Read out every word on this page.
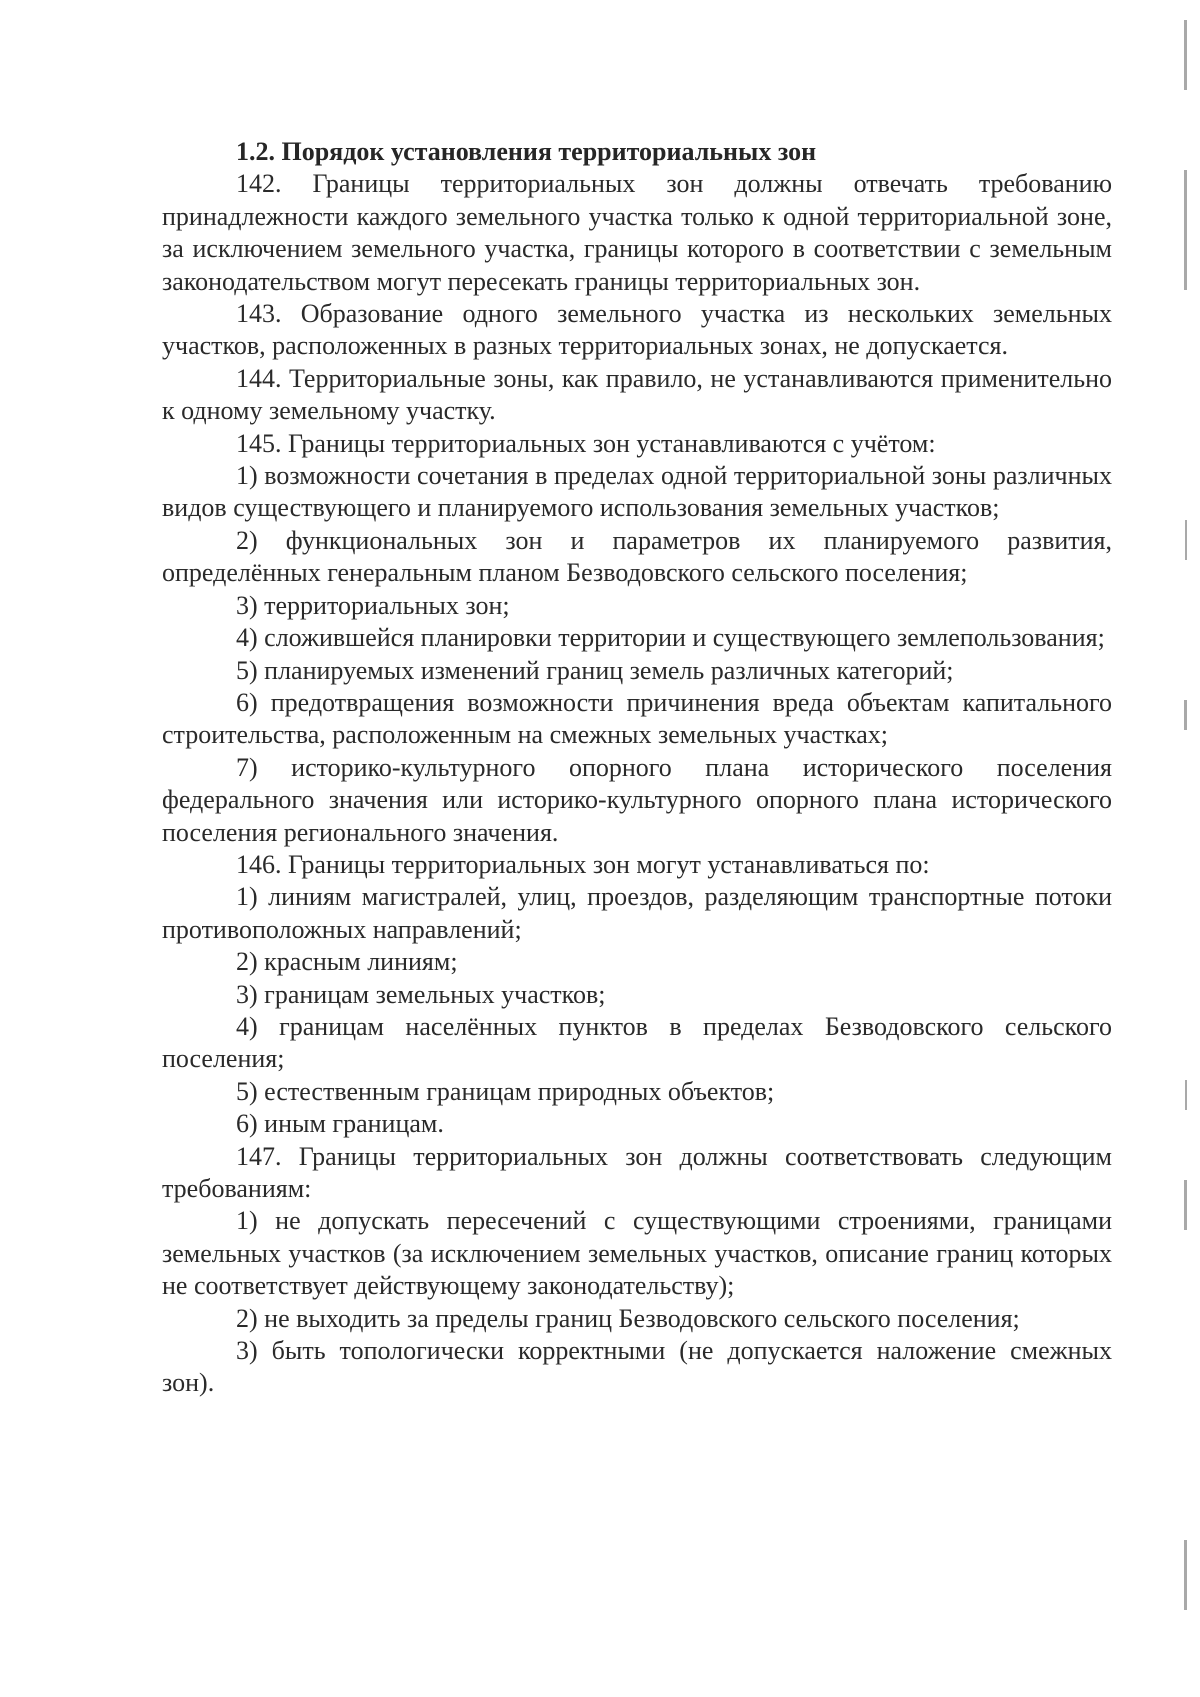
1.2. Порядок установления территориальных зон

142. Границы территориальных зон должны отвечать требованию принадлежности каждого земельного участка только к одной территориальной зоне, за исключением земельного участка, границы которого в соответствии с земельным законодательством могут пересекать границы территориальных зон.

143. Образование одного земельного участка из нескольких земельных участков, расположенных в разных территориальных зонах, не допускается.

144. Территориальные зоны, как правило, не устанавливаются применительно к одному земельному участку.

145. Границы территориальных зон устанавливаются с учётом:

1) возможности сочетания в пределах одной территориальной зоны различных видов существующего и планируемого использования земельных участков;

2) функциональных зон и параметров их планируемого развития, определённых генеральным планом Безводовского сельского поселения;

3) территориальных зон;

4) сложившейся планировки территории и существующего землепользования;

5) планируемых изменений границ земель различных категорий;

6) предотвращения возможности причинения вреда объектам капитального строительства, расположенным на смежных земельных участках;

7) историко-культурного опорного плана исторического поселения федерального значения или историко-культурного опорного плана исторического поселения регионального значения.

146. Границы территориальных зон могут устанавливаться по:

1) линиям магистралей, улиц, проездов, разделяющим транспортные потоки противоположных направлений;

2) красным линиям;

3) границам земельных участков;

4) границам населённых пунктов в пределах Безводовского сельского поселения;

5) естественным границам природных объектов;

6) иным границам.

147. Границы территориальных зон должны соответствовать следующим требованиям:

1) не допускать пересечений с существующими строениями, границами земельных участков (за исключением земельных участков, описание границ которых не соответствует действующему законодательству);

2) не выходить за пределы границ Безводовского сельского поселения;

3) быть топологически корректными (не допускается наложение смежных зон).
